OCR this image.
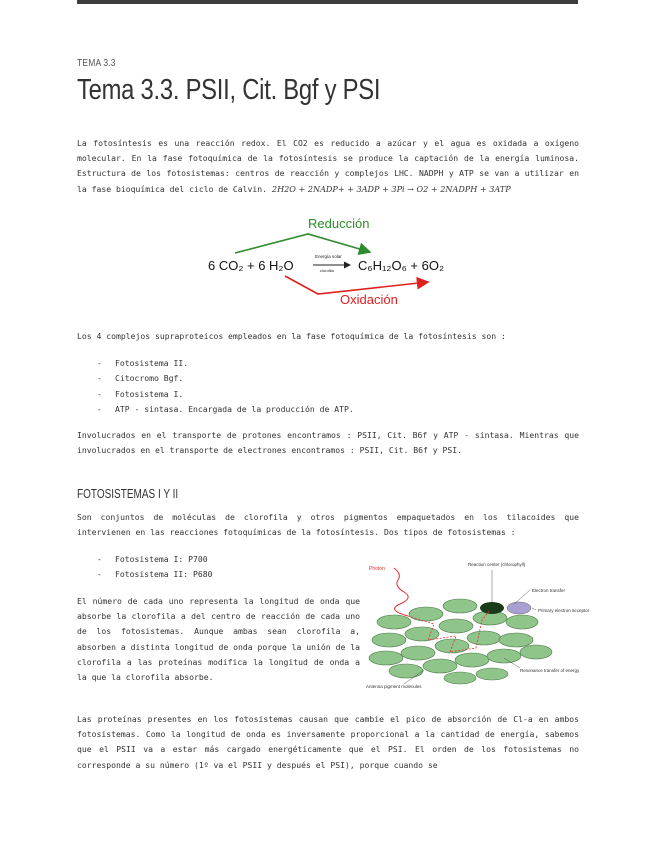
TEMA 3.3
Tema 3.3. PSII, Cit. Bgf y PSI

La fotosíntesis es una reacción redox. El CO2 es reducido a azúcar y el agua es oxidada a oxígeno molecular. En la fase fotoquímica de la fotosíntesis se produce la captación de la energía luminosa. Estructura de los fotosistemas: centros de reacción y complejos LHC. NADPH y ATP se van a utilizar en la fase bioquímica del ciclo de Calvin. 2H2O + 2NADP+ + 3ADP + 3Pi → O2 + 2NADPH + 3ATP

Reducción
6 CO₂ + 6 H₂O
Energía solar
clorofila C₆H₁₂O₆ + 6O₂
Oxidación

Los 4 complejos supraproteicos empleados en la fase fotoquímica de la fotosíntesis son :

- Fotosistema II.
- Citocromo Bgf.
- Fotosistema I.
- ATP - sintasa. Encargada de la producción de ATP.

Involucrados en el transporte de protones encontramos : PSII, Cit. B6f y ATP - sintasa. Mientras que involucrados en el transporte de electrones encontramos : PSII, Cit. B6f y PSI.

FOTOSISTEMAS I Y II

Son conjuntos de moléculas de clorofila y otros pigmentos empaquetados en los tilacoides que intervienen en las reacciones fotoquímicas de la fotosíntesis. Dos tipos de fotosistemas :

- Fotosistema I: P700
- Fotosistema II: P680

El número de cada uno representa la longitud de onda que absorbe la clorofila a del centro de reacción de cada uno de los fotosistemas. Aunque ambas sean clorofila a, absorben a distinta longitud de onda porque la unión de la clorofila a las proteínas modifica la longitud de onda a la que la clorofila absorbe.

Photon
Reaction center (chlorophyll)
Electron transfer
Primary electron acceptor
Antenna pigment molecules
Resonance transfer of energy

Las proteínas presentes en los fotosistemas causan que cambie el pico de absorción de Cl-a en ambos fotosistemas. Como la longitud de onda es inversamente proporcional a la cantidad de energía, sabemos que el PSII va a estar más cargado energéticamente que el PSI. El orden de los fotosistemas no corresponde a su número (1º va el PSII y después el PSI), porque cuando se
